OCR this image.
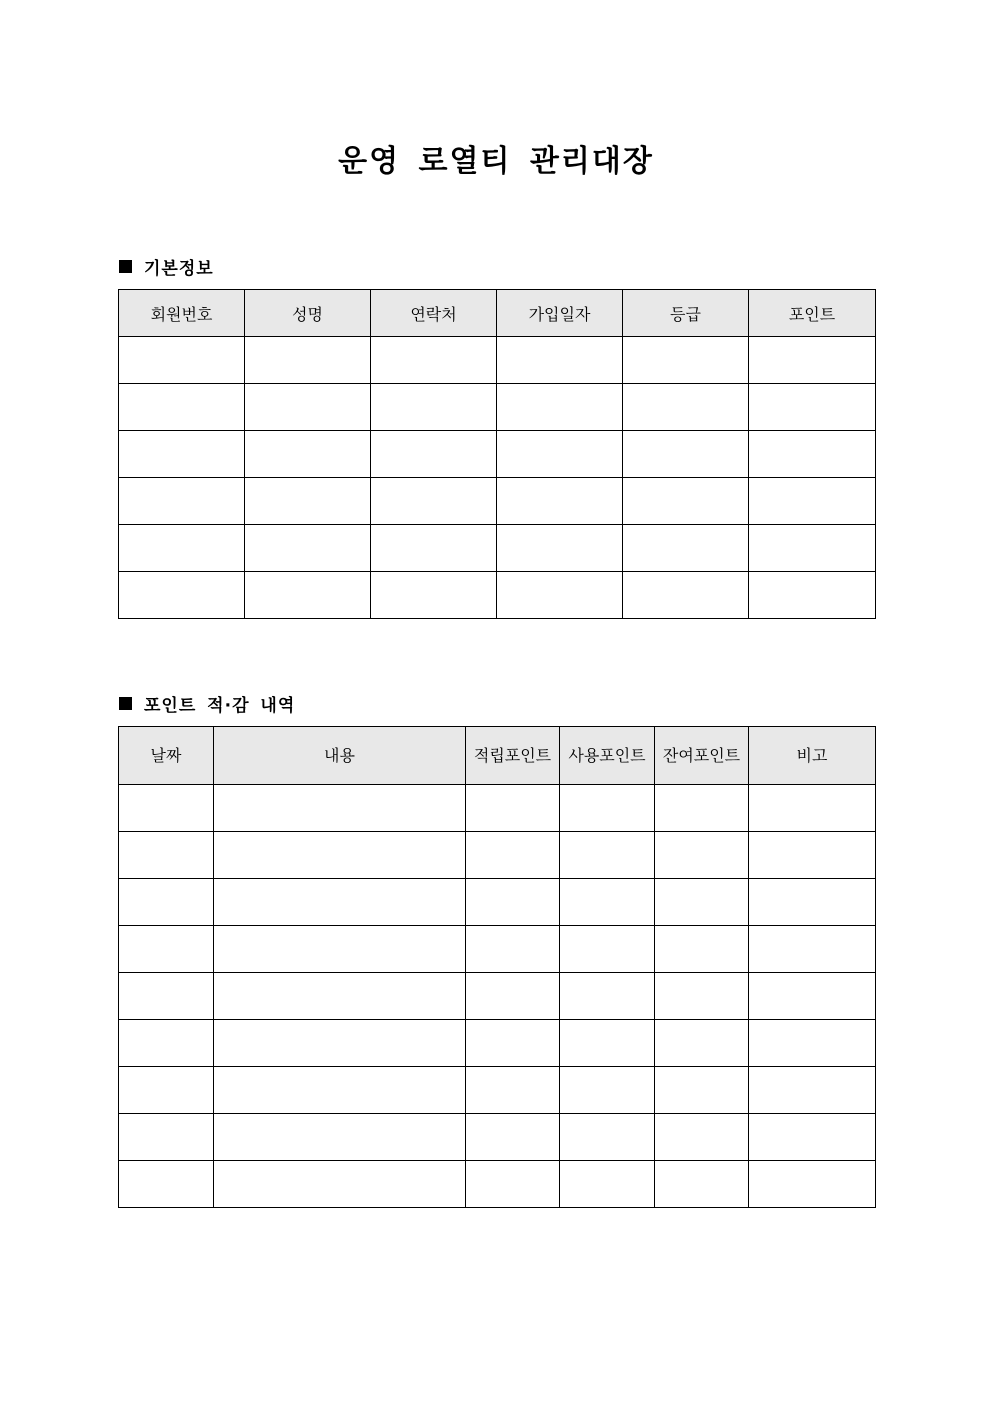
운영 로열티 관리대장
기본정보
회원번호	성명	연락처	가입일자	등급	포인트

포인트 적·감 내역
날짜	내용	적립포인트	사용포인트	잔여포인트	비고
